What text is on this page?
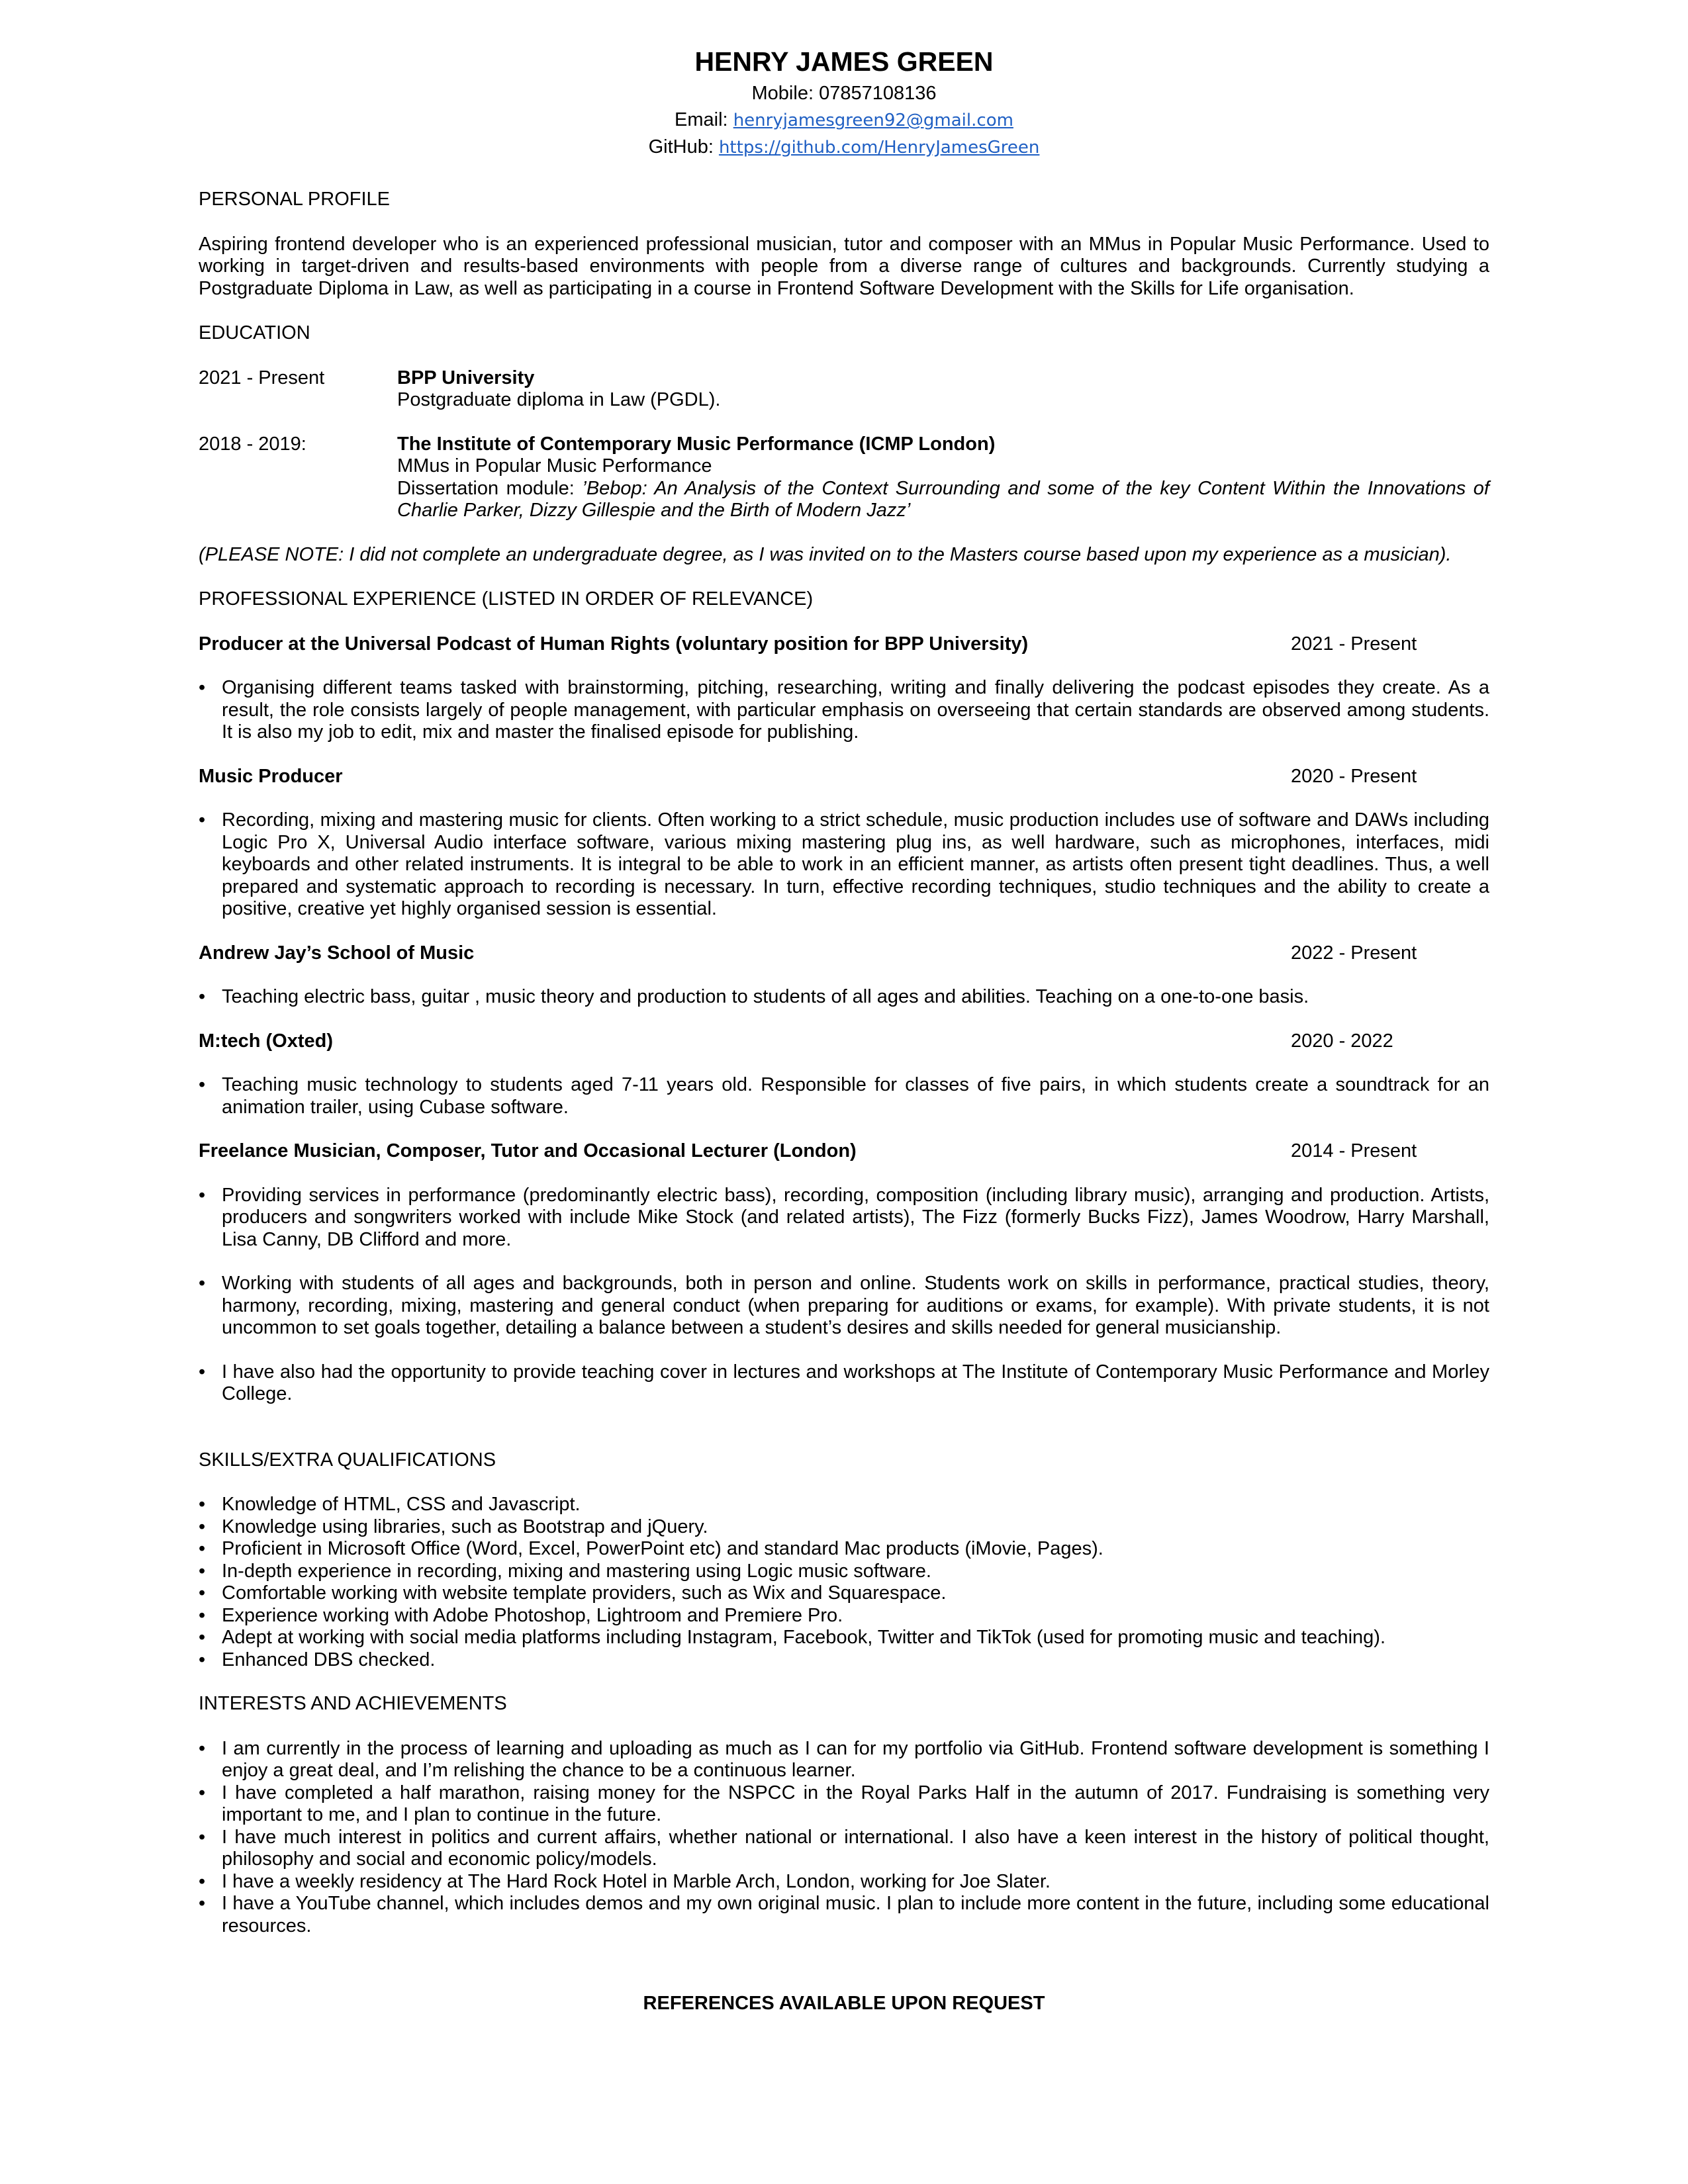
HENRY JAMES GREEN
Mobile: 07857108136
Email: henryjamesgreen92@gmail.com
GitHub: https://github.com/HenryJamesGreen
PERSONAL PROFILE

Aspiring frontend developer who is an experienced professional musician, tutor and composer with an MMus in Popular Music Performance. Used to working in target-driven and results-based environments with people from a diverse range of cultures and backgrounds. Currently studying a Postgraduate Diploma in Law, as well as participating in a course in Frontend Software Development with the Skills for Life organisation.

EDUCATION
2021 - Present	BPP University
Postgraduate diploma in Law (PGDL).
2018 - 2019:	The Institute of Contemporary Music Performance (ICMP London)
MMus in Popular Music Performance
Dissertation module: ’Bebop: An Analysis of the Context Surrounding and some of the key Content Within the Innovations of Charlie Parker, Dizzy Gillespie and the Birth of Modern Jazz’

(PLEASE NOTE: I did not complete an undergraduate degree, as I was invited on to the Masters course based upon my experience as a musician).

PROFESSIONAL EXPERIENCE (LISTED IN ORDER OF RELEVANCE)
Producer at the Universal Podcast of Human Rights (voluntary position for BPP University)	2021 - Present
• Organising different teams tasked with brainstorming, pitching, researching, writing and finally delivering the podcast episodes they create. As a result, the role consists largely of people management, with particular emphasis on overseeing that certain standards are observed among students. It is also my job to edit, mix and master the finalised episode for publishing.
Music Producer	2020 - Present
• Recording, mixing and mastering music for clients. Often working to a strict schedule, music production includes use of software and DAWs including Logic Pro X, Universal Audio interface software, various mixing mastering plug ins, as well hardware, such as microphones, interfaces, midi keyboards and other related instruments. It is integral to be able to work in an efficient manner, as artists often present tight deadlines. Thus, a well prepared and systematic approach to recording is necessary. In turn, effective recording techniques, studio techniques and the ability to create a positive, creative yet highly organised session is essential.
Andrew Jay’s School of Music	2022 - Present
• Teaching electric bass, guitar , music theory and production to students of all ages and abilities. Teaching on a one-to-one basis.
M:tech (Oxted)	2020 - 2022
• Teaching music technology to students aged 7-11 years old. Responsible for classes of five pairs, in which students create a soundtrack for an animation trailer, using Cubase software.
Freelance Musician, Composer, Tutor and Occasional Lecturer (London)	2014 - Present
• Providing services in performance (predominantly electric bass), recording, composition (including library music), arranging and production. Artists, producers and songwriters worked with include Mike Stock (and related artists), The Fizz (formerly Bucks Fizz), James Woodrow, Harry Marshall, Lisa Canny, DB Clifford and more.
• Working with students of all ages and backgrounds, both in person and online. Students work on skills in performance, practical studies, theory, harmony, recording, mixing, mastering and general conduct (when preparing for auditions or exams, for example). With private students, it is not uncommon to set goals together, detailing a balance between a student’s desires and skills needed for general musicianship.
• I have also had the opportunity to provide teaching cover in lectures and workshops at The Institute of Contemporary Music Performance and Morley College.
SKILLS/EXTRA QUALIFICATIONS
• Knowledge of HTML, CSS and Javascript.
• Knowledge using libraries, such as Bootstrap and jQuery.
• Proficient in Microsoft Office (Word, Excel, PowerPoint etc) and standard Mac products (iMovie, Pages).
• In-depth experience in recording, mixing and mastering using Logic music software.
• Comfortable working with website template providers, such as Wix and Squarespace.
• Experience working with Adobe Photoshop, Lightroom and Premiere Pro.
• Adept at working with social media platforms including Instagram, Facebook, Twitter and TikTok (used for promoting music and teaching).
• Enhanced DBS checked.
INTERESTS AND ACHIEVEMENTS
• I am currently in the process of learning and uploading as much as I can for my portfolio via GitHub. Frontend software development is something I enjoy a great deal, and I’m relishing the chance to be a continuous learner.
• I have completed a half marathon, raising money for the NSPCC in the Royal Parks Half in the autumn of 2017. Fundraising is something very important to me, and I plan to continue in the future.
• I have much interest in politics and current affairs, whether national or international. I also have a keen interest in the history of political thought, philosophy and social and economic policy/models.
• I have a weekly residency at The Hard Rock Hotel in Marble Arch, London, working for Joe Slater.
• I have a YouTube channel, which includes demos and my own original music. I plan to include more content in the future, including some educational resources.
REFERENCES AVAILABLE UPON REQUEST
